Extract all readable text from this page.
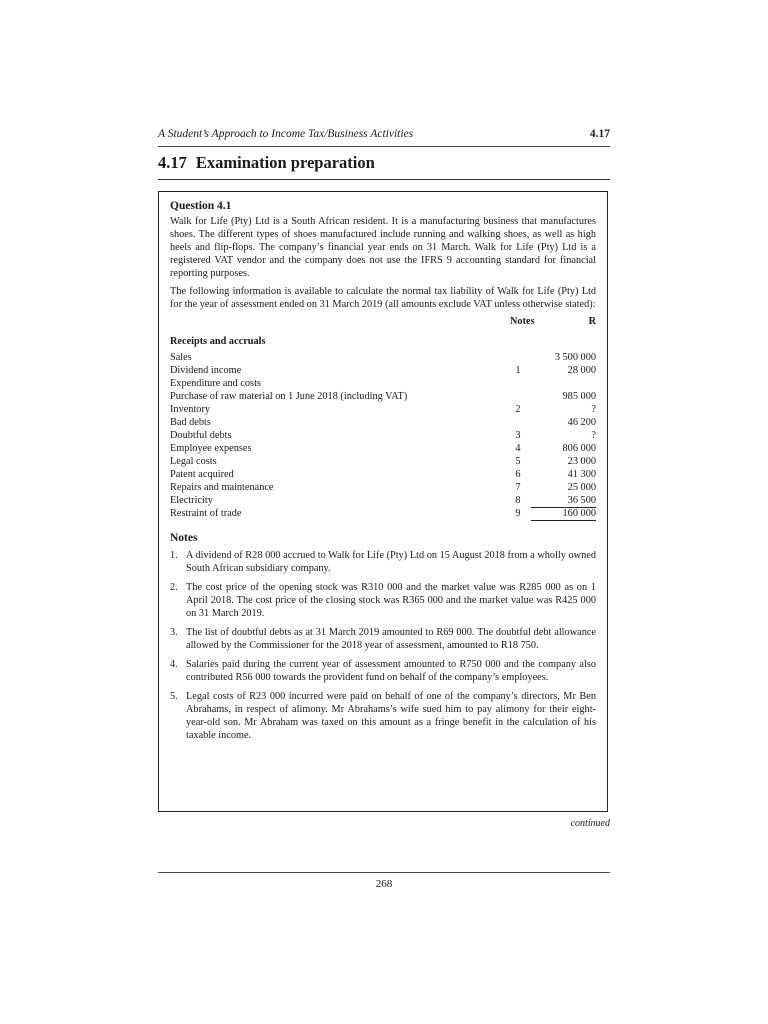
A Student’s Approach to Income Tax/Business Activities	4.17
4.17 Examination preparation
Question 4.1

Walk for Life (Pty) Ltd is a South African resident. It is a manufacturing business that manufactures shoes. The different types of shoes manufactured include running and walking shoes, as well as high heels and flip-flops. The company’s financial year ends on 31 March. Walk for Life (Pty) Ltd is a registered VAT vendor and the company does not use the IFRS 9 accounting standard for financial reporting purposes.

The following information is available to calculate the normal tax liability of Walk for Life (Pty) Ltd for the year of assessment ended on 31 March 2019 (all amounts exclude VAT unless otherwise stated):

Notes	R
Receipts and accruals
Sales	3 500 000
Dividend income	1	28 000
Expenditure and costs
Purchase of raw material on 1 June 2018 (including VAT)	985 000
Inventory	2	?
Bad debts	46 200
Doubtful debts	3	?
Employee expenses	4	806 000
Legal costs	5	23 000
Patent acquired	6	41 300
Repairs and maintenance	7	25 000
Electricity	8	36 500
Restraint of trade	9	160 000
Notes
1. A dividend of R28 000 accrued to Walk for Life (Pty) Ltd on 15 August 2018 from a wholly owned South African subsidiary company.
2. The cost price of the opening stock was R310 000 and the market value was R285 000 as on 1 April 2018. The cost price of the closing stock was R365 000 and the market value was R425 000 on 31 March 2019.
3. The list of doubtful debts as at 31 March 2019 amounted to R69 000. The doubtful debt allowance allowed by the Commissioner for the 2018 year of assessment, amounted to R18 750.
4. Salaries paid during the current year of assessment amounted to R750 000 and the company also contributed R56 000 towards the provident fund on behalf of the company’s employees.
5. Legal costs of R23 000 incurred were paid on behalf of one of the company’s directors, Mr Ben Abrahams, in respect of alimony. Mr Abrahams’s wife sued him to pay alimony for their eight-year-old son. Mr Abraham was taxed on this amount as a fringe benefit in the calculation of his taxable income.
continued
268
